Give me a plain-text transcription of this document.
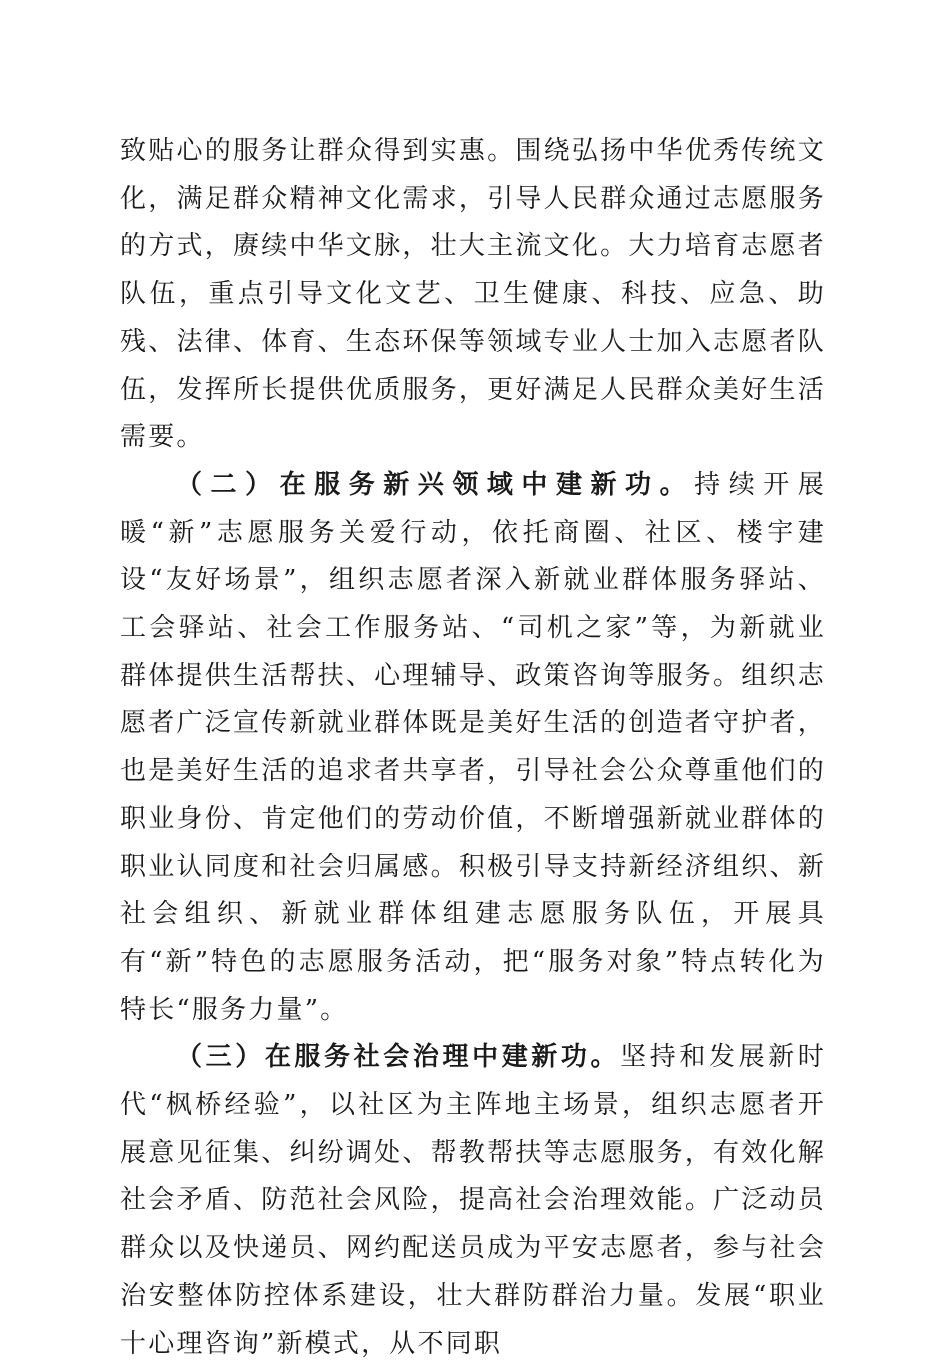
致贴心的服务让群众得到实惠。围绕弘扬中华优秀传统文化，满足群众精神文化需求，引导人民群众通过志愿服务的方式，赓续中华文脉，壮大主流文化。大力培育志愿者队伍，重点引导文化文艺、卫生健康、科技、应急、助残、法律、体育、生态环保等领域专业人士加入志愿者队伍，发挥所长提供优质服务，更好满足人民群众美好生活需要。

（二）在服务新兴领域中建新功。持续开展暖“新”志愿服务关爱行动，依托商圈、社区、楼宇建设“友好场景”，组织志愿者深入新就业群体服务驿站、工会驿站、社会工作服务站、“司机之家”等，为新就业群体提供生活帮扶、心理辅导、政策咨询等服务。组织志愿者广泛宣传新就业群体既是美好生活的创造者守护者，也是美好生活的追求者共享者，引导社会公众尊重他们的职业身份、肯定他们的劳动价值，不断增强新就业群体的职业认同度和社会归属感。积极引导支持新经济组织、新社会组织、新就业群体组建志愿服务队伍，开展具有“新”特色的志愿服务活动，把“服务对象”特点转化为特长“服务力量”。

（三）在服务社会治理中建新功。坚持和发展新时代“枫桥经验”，以社区为主阵地主场景，组织志愿者开展意见征集、纠纷调处、帮教帮扶等志愿服务，有效化解社会矛盾、防范社会风险，提高社会治理效能。广泛动员群众以及快递员、网约配送员成为平安志愿者，参与社会治安整体防控体系建设，壮大群防群治力量。发展“职业十心理咨询”新模式，从不同职
